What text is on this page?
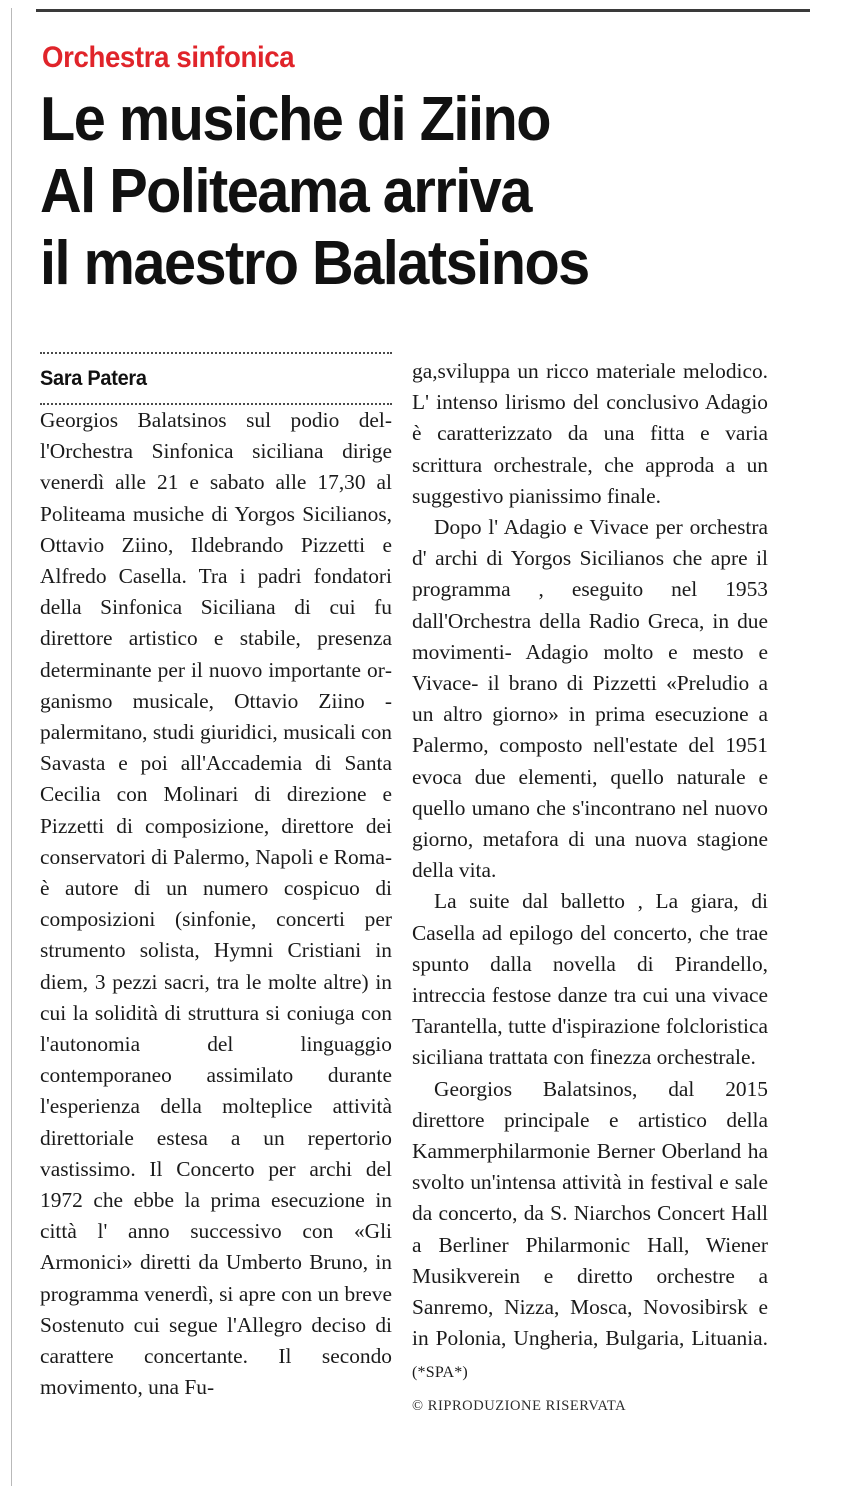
Orchestra sinfonica
Le musiche di Ziino
Al Politeama arriva
il maestro Balatsinos
Sara Patera

Georgios Balatsinos sul podio dell'Orchestra Sinfonica siciliana dirige venerdì alle 21 e sabato alle 17,30 al Politeama musiche di Yorgos Sicilianos, Ottavio Ziino, Ildebrando Pizzetti e Alfredo Casella. Tra i padri fondatori della Sinfonica Siciliana di cui fu direttore artistico e stabile, presenza determinante per il nuovo importante organismo musicale, Ottavio Ziino - palermitano, studi giuridici, musicali con Savasta e poi all'Accademia di Santa Cecilia con Molinari di direzione e Pizzetti di composizione, direttore dei conservatori di Palermo, Napoli e Roma- è autore di un numero cospicuo di composizioni (sinfonie, concerti per strumento solista, Hymni Cristiani in diem, 3 pezzi sacri, tra le molte altre) in cui la solidità di struttura si coniuga con l'autonomia del linguaggio contemporaneo assimilato durante l'esperienza della molteplice attività direttoriale estesa a un repertorio vastissimo. Il Concerto per archi del 1972 che ebbe la prima esecuzione in città l' anno successivo con «Gli Armonici» diretti da Umberto Bruno, in programma venerdì, si apre con un breve Sostenuto cui segue l'Allegro deciso di carattere concertante. Il secondo movimento, una Fu-

ga,sviluppa un ricco materiale melodico. L' intenso lirismo del conclusivo Adagio è caratterizzato da una fitta e varia scrittura orchestrale, che approda a un suggestivo pianissimo finale.

Dopo l' Adagio e Vivace per orchestra d' archi di Yorgos Sicilianos che apre il programma , eseguito nel 1953 dall'Orchestra della Radio Greca, in due movimenti- Adagio molto e mesto e Vivace- il brano di Pizzetti «Preludio a un altro giorno» in prima esecuzione a Palermo, composto nell'estate del 1951 evoca due elementi, quello naturale e quello umano che s'incontrano nel nuovo giorno, metafora di una nuova stagione della vita.

La suite dal balletto , La giara, di Casella ad epilogo del concerto, che trae spunto dalla novella di Pirandello, intreccia festose danze tra cui una vivace Tarantella, tutte d'ispirazione folcloristica siciliana trattata con finezza orchestrale.

Georgios Balatsinos, dal 2015 direttore principale e artistico della Kammerphilarmonie Berner Oberland ha svolto un'intensa attività in festival e sale da concerto, da S. Niarchos Concert Hall a Berliner Philarmonic Hall, Wiener Musikverein e diretto orchestre a Sanremo, Nizza, Mosca, Novosibirsk e in Polonia, Ungheria, Bulgaria, Lituania.(*SPA*)

© RIPRODUZIONE RISERVATA
